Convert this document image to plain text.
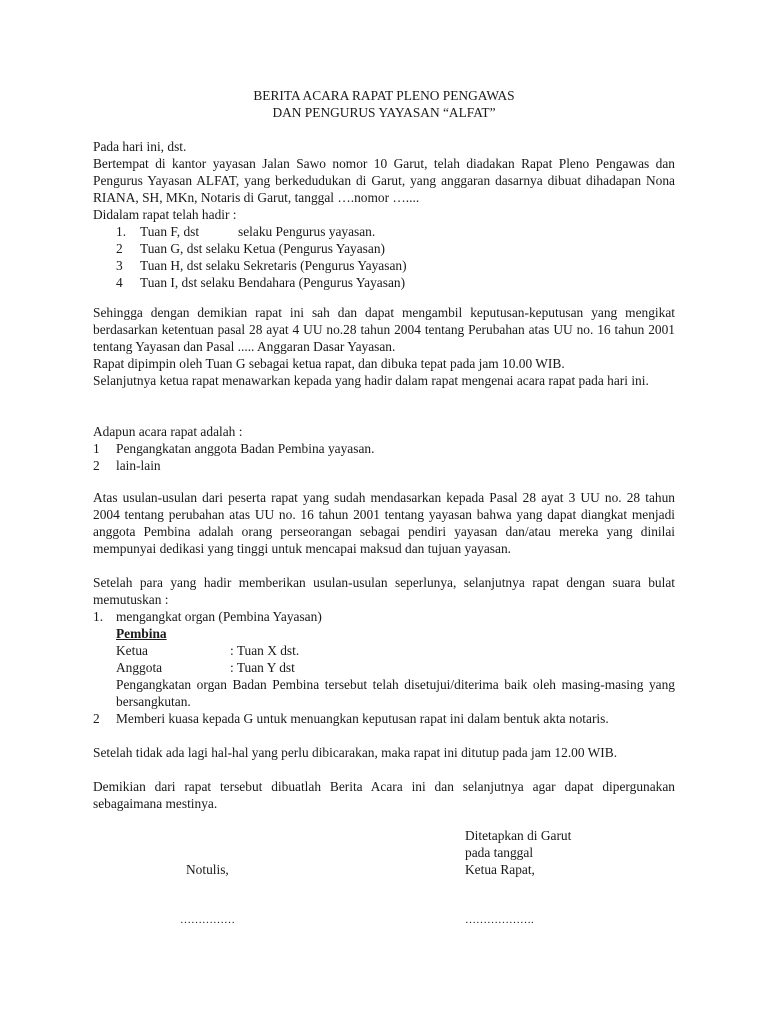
BERITA ACARA RAPAT PLENO PENGAWAS
DAN PENGURUS YAYASAN “ALFAT”
Pada hari ini, dst.
Bertempat di kantor yayasan Jalan Sawo nomor 10 Garut, telah diadakan Rapat Pleno Pengawas dan Pengurus Yayasan ALFAT, yang berkedudukan di Garut, yang anggaran dasarnya dibuat dihadapan Nona RIANA, SH, MKn, Notaris di Garut, tanggal ….nomor …....
Didalam rapat telah hadir :
1. Tuan F, dst	selaku Pengurus yayasan.
2 Tuan G, dst selaku Ketua (Pengurus Yayasan)
3 Tuan H, dst selaku Sekretaris (Pengurus Yayasan)
4 Tuan I, dst selaku Bendahara (Pengurus Yayasan)
Sehingga dengan demikian rapat ini sah dan dapat mengambil keputusan-keputusan yang mengikat berdasarkan ketentuan pasal 28 ayat 4 UU no.28 tahun 2004 tentang Perubahan atas UU no. 16 tahun 2001 tentang Yayasan dan Pasal ..... Anggaran Dasar Yayasan.
Rapat dipimpin oleh Tuan G sebagai ketua rapat, dan dibuka tepat pada jam 10.00 WIB.
Selanjutnya ketua rapat menawarkan kepada yang hadir dalam rapat mengenai acara rapat pada hari ini.
Adapun acara rapat adalah :
1 Pengangkatan anggota Badan Pembina yayasan.
2 lain-lain
Atas usulan-usulan dari peserta rapat yang sudah mendasarkan kepada Pasal 28 ayat 3 UU no. 28 tahun 2004 tentang perubahan atas UU no. 16 tahun 2001 tentang yayasan bahwa yang dapat diangkat menjadi anggota Pembina adalah orang perseorangan sebagai pendiri yayasan dan/atau mereka yang dinilai mempunyai dedikasi yang tinggi untuk mencapai maksud dan tujuan yayasan.
Setelah para yang hadir memberikan usulan-usulan seperlunya, selanjutnya rapat dengan suara bulat memutuskan :
1. mengangkat organ (Pembina Yayasan)
Pembina
Ketua	: Tuan X dst.
Anggota	: Tuan Y dst
Pengangkatan organ Badan Pembina tersebut telah disetujui/diterima baik oleh masing-masing yang bersangkutan.
2 Memberi kuasa kepada G untuk menuangkan keputusan rapat ini dalam bentuk akta notaris.
Setelah tidak ada lagi hal-hal yang perlu dibicarakan, maka rapat ini ditutup pada jam 12.00 WIB.
Demikian dari rapat tersebut dibuatlah Berita Acara ini dan selanjutnya agar dapat dipergunakan sebagaimana mestinya.
Ditetapkan di Garut
pada tanggal
Notulis,	Ketua Rapat,
……………	……………….
